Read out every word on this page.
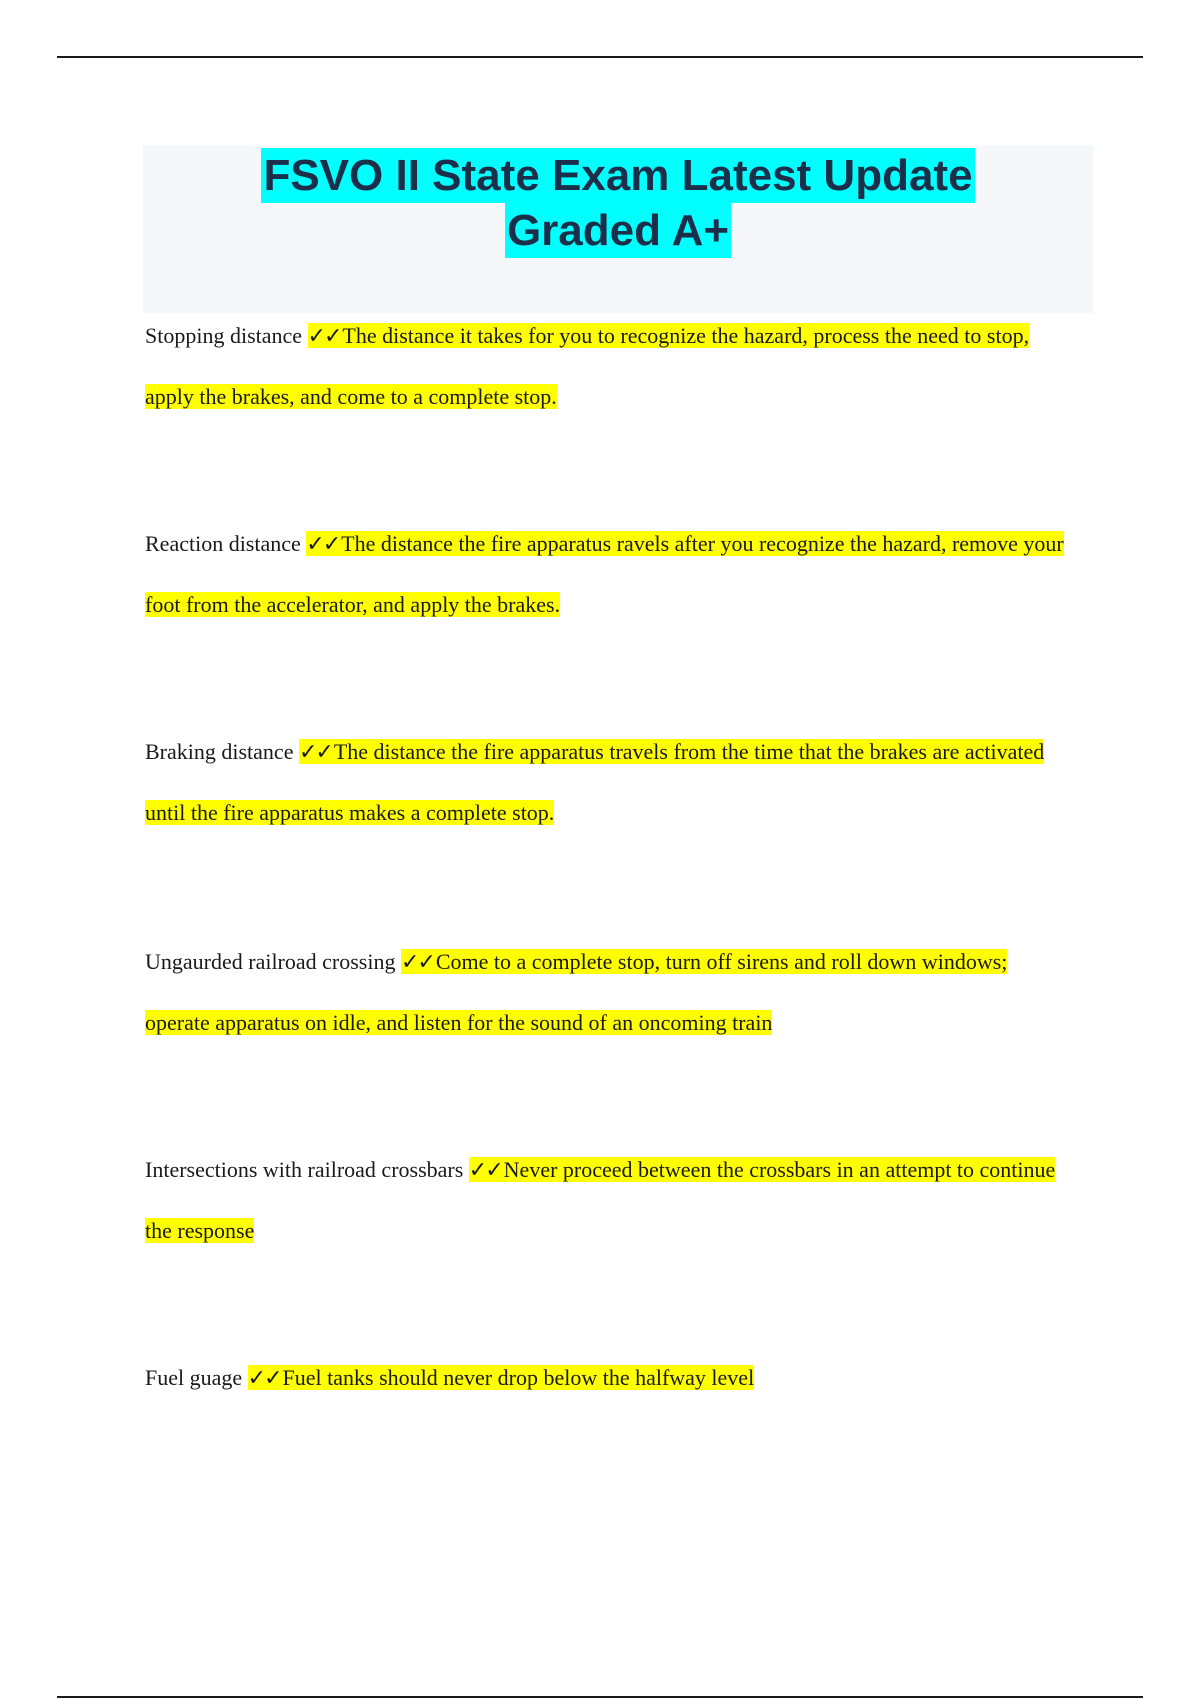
FSVO II State Exam Latest Update
Graded A+

Stopping distance ✓✓The distance it takes for you to recognize the hazard, process the need to stop, apply the brakes, and come to a complete stop.

Reaction distance ✓✓The distance the fire apparatus ravels after you recognize the hazard, remove your foot from the accelerator, and apply the brakes.

Braking distance ✓✓The distance the fire apparatus travels from the time that the brakes are activated until the fire apparatus makes a complete stop.

Ungaurded railroad crossing ✓✓Come to a complete stop, turn off sirens and roll down windows; operate apparatus on idle, and listen for the sound of an oncoming train

Intersections with railroad crossbars ✓✓Never proceed between the crossbars in an attempt to continue the response

Fuel guage ✓✓Fuel tanks should never drop below the halfway level
